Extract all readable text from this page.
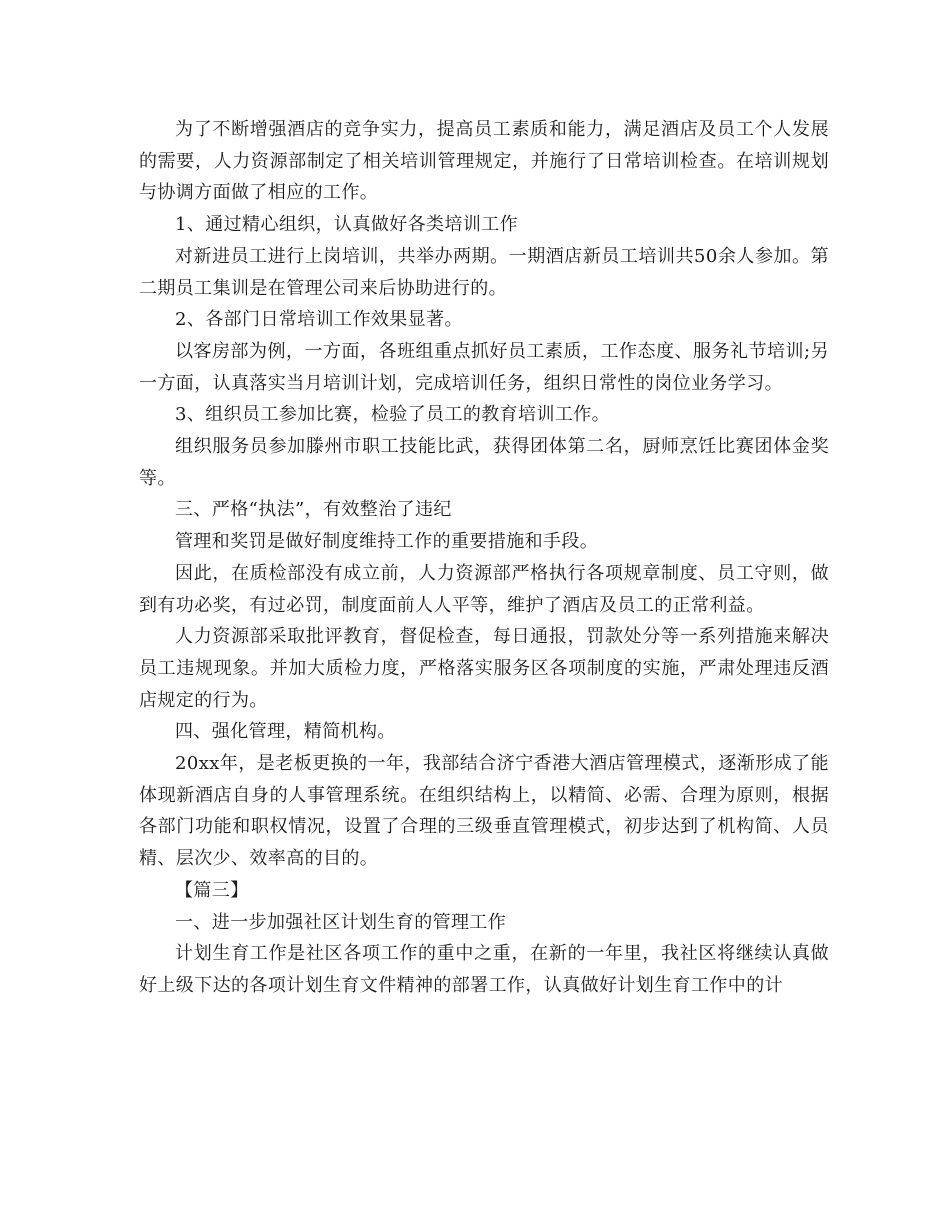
为了不断增强酒店的竞争实力，提高员工素质和能力，满足酒店及员工个人发展的需要，人力资源部制定了相关培训管理规定，并施行了日常培训检查。在培训规划与协调方面做了相应的工作。

1、通过精心组织，认真做好各类培训工作

对新进员工进行上岗培训，共举办两期。一期酒店新员工培训共50余人参加。第二期员工集训是在管理公司来后协助进行的。

2、各部门日常培训工作效果显著。

以客房部为例，一方面，各班组重点抓好员工素质，工作态度、服务礼节培训;另一方面，认真落实当月培训计划，完成培训任务，组织日常性的岗位业务学习。

3、组织员工参加比赛，检验了员工的教育培训工作。

组织服务员参加滕州市职工技能比武，获得团体第二名，厨师烹饪比赛团体金奖等。

三、严格“执法”，有效整治了违纪

管理和奖罚是做好制度维持工作的重要措施和手段。

因此，在质检部没有成立前，人力资源部严格执行各项规章制度、员工守则，做到有功必奖，有过必罚，制度面前人人平等，维护了酒店及员工的正常利益。

人力资源部采取批评教育，督促检查，每日通报，罚款处分等一系列措施来解决员工违规现象。并加大质检力度，严格落实服务区各项制度的实施，严肃处理违反酒店规定的行为。

四、强化管理，精简机构。

20xx年，是老板更换的一年，我部结合济宁香港大酒店管理模式，逐渐形成了能体现新酒店自身的人事管理系统。在组织结构上，以精简、必需、合理为原则，根据各部门功能和职权情况，设置了合理的三级垂直管理模式，初步达到了机构简、人员精、层次少、效率高的目的。

【篇三】

一、进一步加强社区计划生育的管理工作

计划生育工作是社区各项工作的重中之重，在新的一年里，我社区将继续认真做好上级下达的各项计划生育文件精神的部署工作，认真做好计划生育工作中的计
